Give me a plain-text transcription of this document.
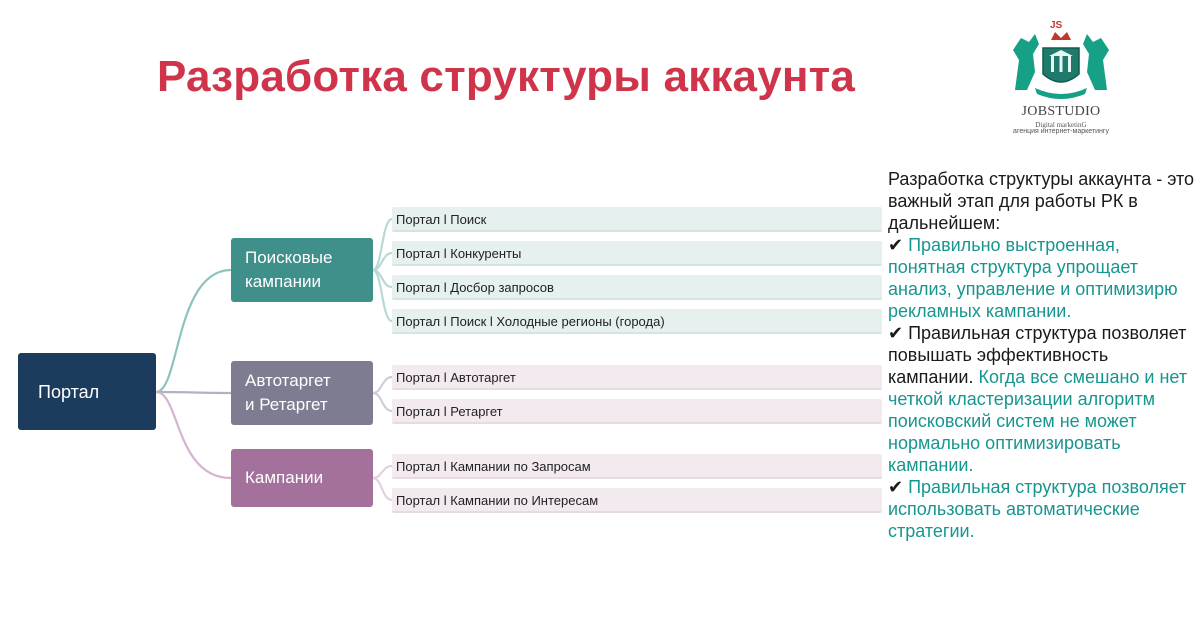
Разработка структуры аккаунта
JS
JOBSTUDIO
Digital marketinG
агенция интернет-маркетингу
Портал
Поисковые
кампании
Автотаргет
и Ретаргет
Кампании
Портал l Поиск
Портал l Конкуренты
Портал l Досбор запросов
Портал l Поиск l Холодные регионы (города)
Портал l Автотаргет
Портал l Ретаргет
Портал l Кампании по Запросам
Портал l Кампании по Интересам

Разработка структуры аккаунта - это важный этап для работы РК в дальнейшем:

✔ Правильно выстроенная, понятная структура упрощает анализ, управление и оптимизирю рекламных кампании.

✔ Правильная структура позволяет повышать эффективность кампании. Когда все смешано и нет четкой кластеризации алгоритм поисковский систем не может нормально оптимизировать кампании.

✔ Правильная структура позволяет использовать автоматические стратегии.
